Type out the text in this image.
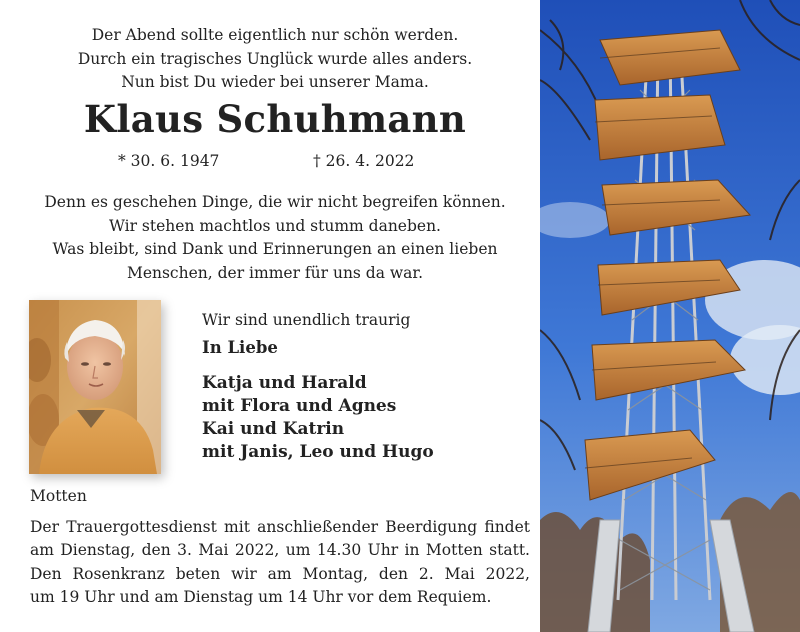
Der Abend sollte eigentlich nur schön werden.
Durch ein tragisches Unglück wurde alles anders.
Nun bist Du wieder bei unserer Mama.
Klaus Schuhmann
* 30. 6. 1947	† 26. 4. 2022
Denn es geschehen Dinge, die wir nicht begreifen können.
Wir stehen machtlos und stumm daneben.
Was bleibt, sind Dank und Erinnerungen an einen lieben
Menschen, der immer für uns da war.
Wir sind unendlich traurig
In Liebe
Katja und Harald
mit Flora und Agnes
Kai und Katrin
mit Janis, Leo und Hugo
Motten
Der Trauergottesdienst mit anschließender Beerdigung findet
am Dienstag, den 3. Mai 2022, um 14.30 Uhr in Motten statt.
Den Rosenkranz beten wir am Montag, den 2. Mai 2022,
um 19 Uhr und am Dienstag um 14 Uhr vor dem Requiem.
